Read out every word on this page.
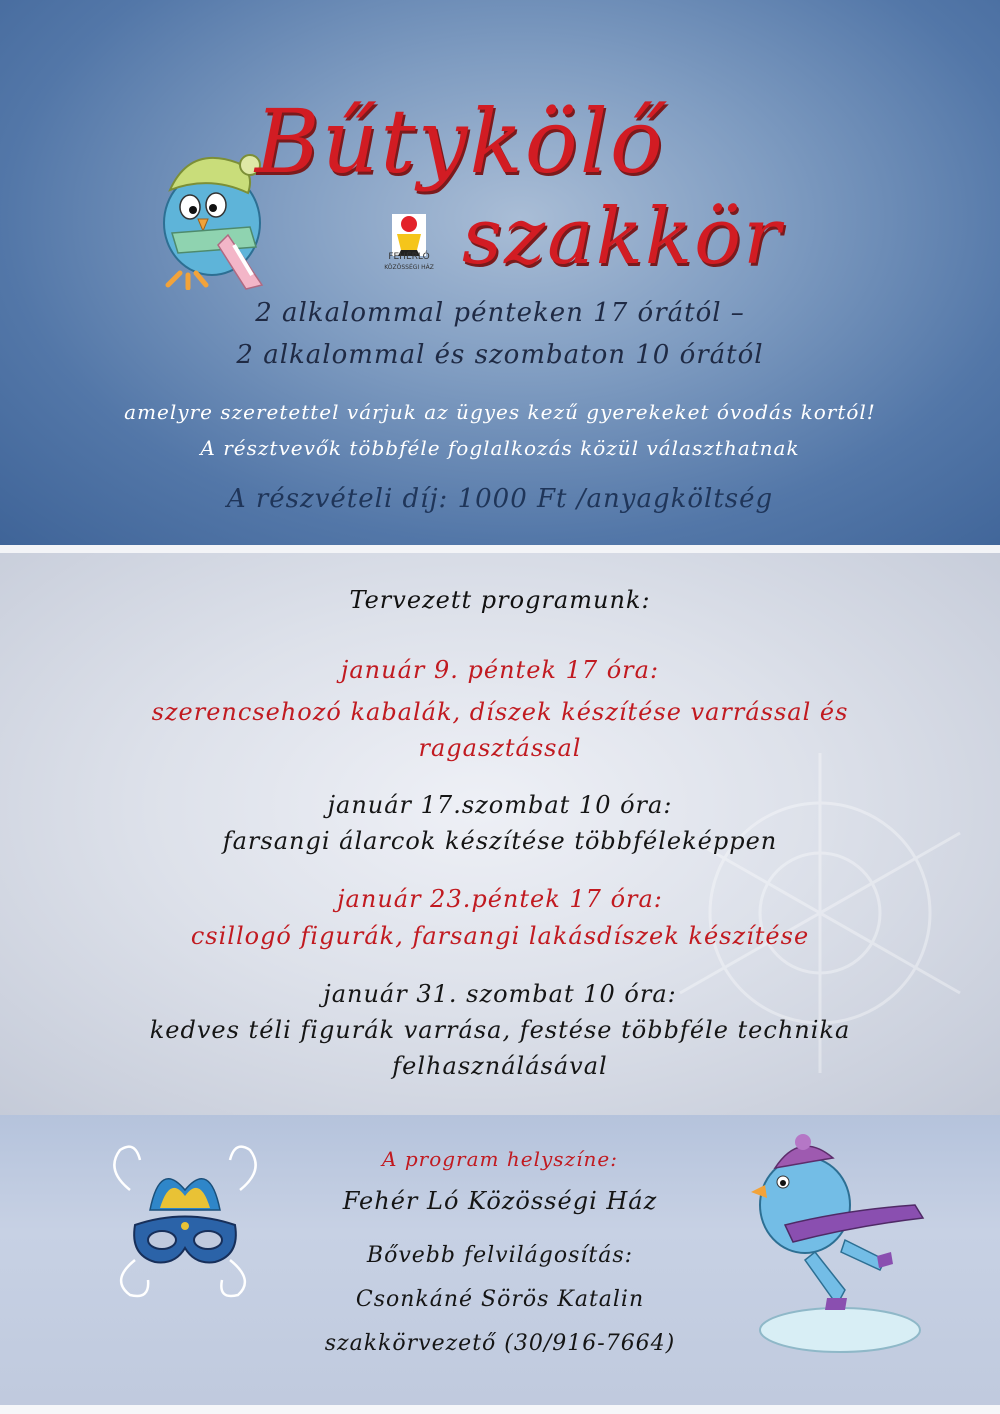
Bűtykölő
szakkör
FEHÉRLÓ
KÖZÖSSÉGI HÁZ
2 alkalommal pénteken 17 órától –
2 alkalommal és szombaton 10 órától
amelyre szeretettel várjuk az ügyes kezű gyerekeket óvodás kortól!
A résztvevők többféle foglalkozás közül választhatnak
A részvételi díj: 1000 Ft /anyagköltség
Tervezett programunk:
január 9. péntek 17 óra:
szerencsehozó kabalák, díszek készítése varrással és
ragasztással
január 17.szombat 10 óra:
farsangi álarcok készítése többféleképpen
január 23.péntek 17 óra:
csillogó figurák, farsangi lakásdíszek készítése
január 31. szombat 10 óra:
kedves téli figurák varrása, festése többféle technika
felhasználásával
A program helyszíne:
Fehér Ló Közösségi Ház
Bővebb felvilágosítás:
Csonkáné Sörös Katalin
szakkörvezető (30/916-7664)
